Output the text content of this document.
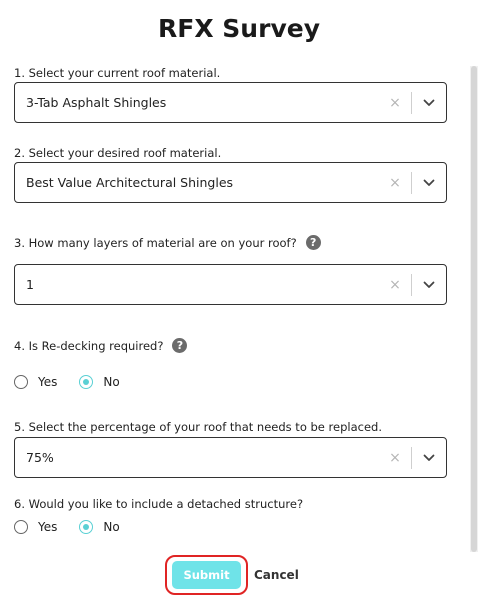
RFX Survey
1. Select your current roof material.
3-Tab Asphalt Shingles	×
2. Select your desired roof material.
Best Value Architectural Shingles	×
3. How many layers of material are on your roof?	?
1	×
4. Is Re-decking required?	?
Yes	No
5. Select the percentage of your roof that needs to be replaced.
75%	×
6. Would you like to include a detached structure?
Yes	No
Submit	Cancel
